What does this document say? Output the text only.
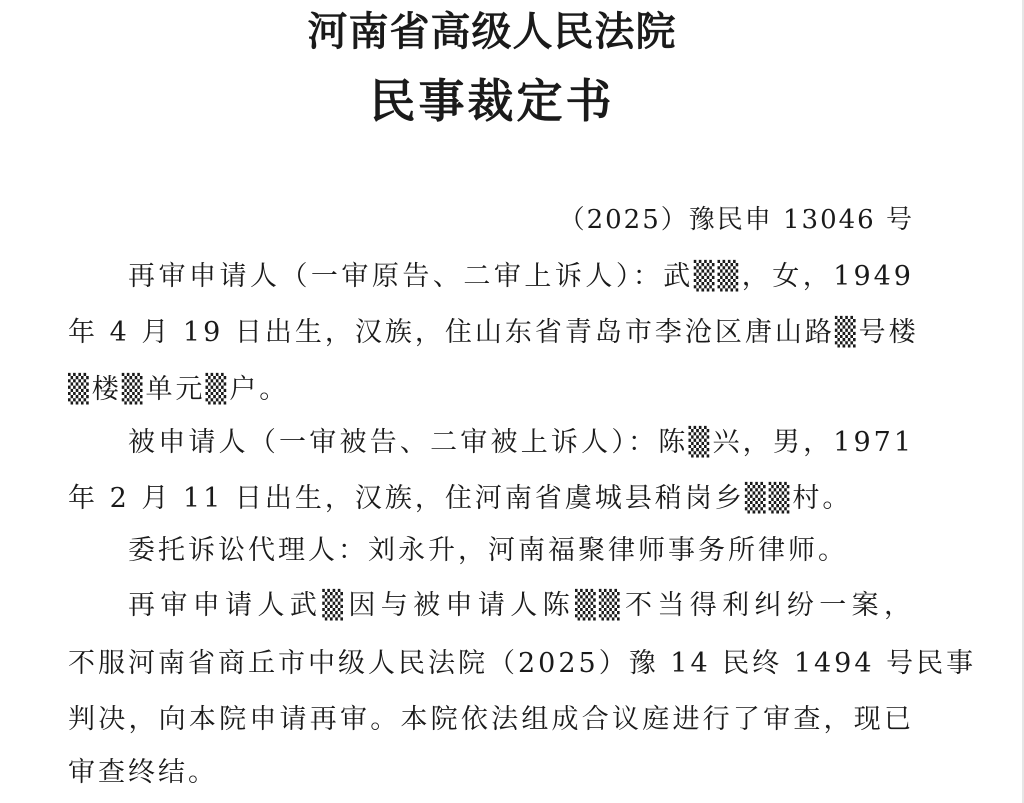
河南省高级人民法院
民事裁定书
（2025）豫民申 13046 号
再审申请人（一审原告、二审上诉人）：武▒▒，女，1949
年 4 月 19 日出生，汉族，住山东省青岛市李沧区唐山路▒号楼
▒楼▒单元▒户。
被申请人（一审被告、二审被上诉人）：陈▒兴，男，1971
年 2 月 11 日出生，汉族，住河南省虞城县稍岗乡▒▒村。
委托诉讼代理人：刘永升，河南福聚律师事务所律师。
再审申请人武▒因与被申请人陈▒▒不当得利纠纷一案，
不服河南省商丘市中级人民法院（2025）豫 14 民终 1494 号民事
判决，向本院申请再审。本院依法组成合议庭进行了审查，现已
审查终结。
